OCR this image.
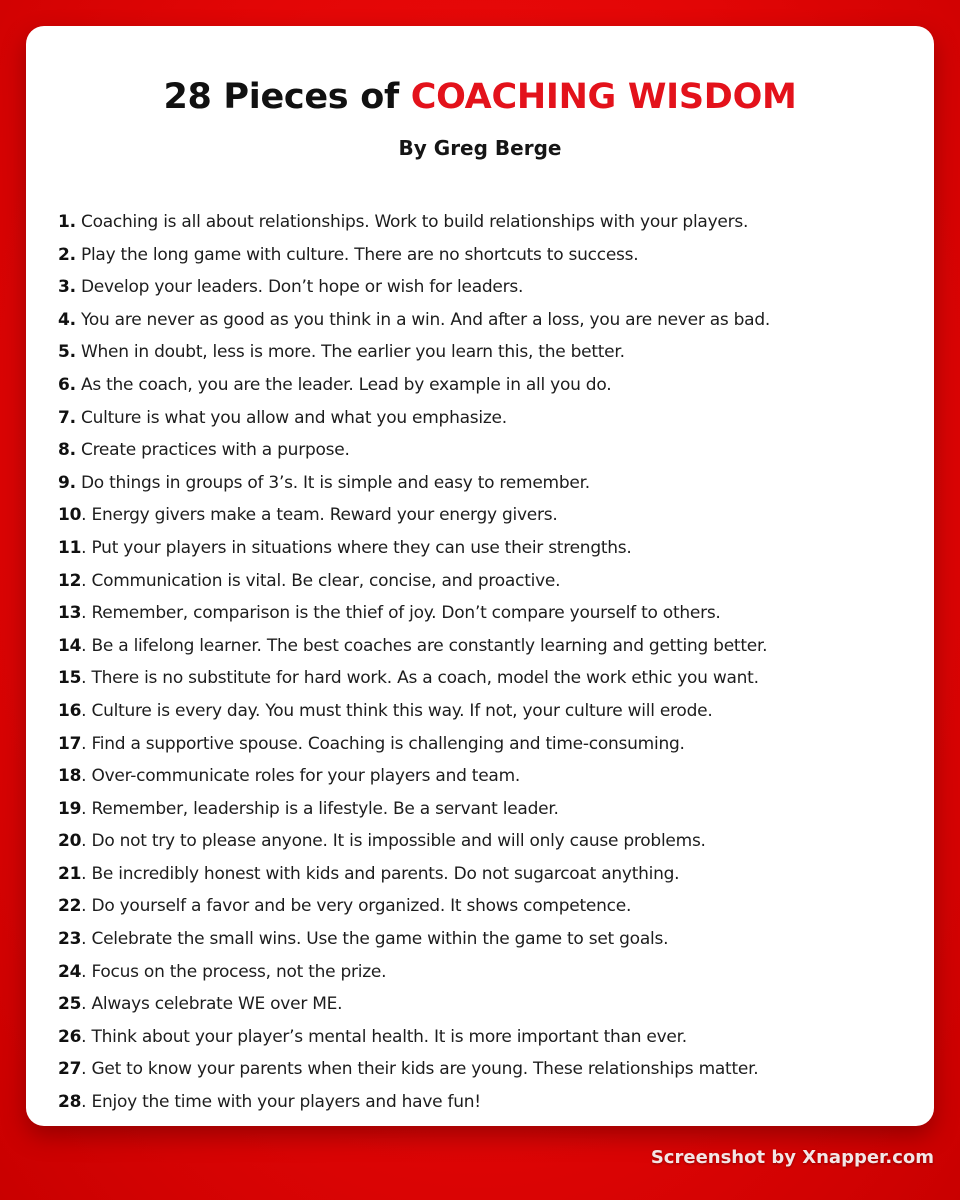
28 Pieces of COACHING WISDOM
By Greg Berge
1. Coaching is all about relationships. Work to build relationships with your players.
2. Play the long game with culture. There are no shortcuts to success.
3. Develop your leaders. Don’t hope or wish for leaders.
4. You are never as good as you think in a win. And after a loss, you are never as bad.
5. When in doubt, less is more. The earlier you learn this, the better.
6. As the coach, you are the leader. Lead by example in all you do.
7. Culture is what you allow and what you emphasize.
8. Create practices with a purpose.
9. Do things in groups of 3’s. It is simple and easy to remember.
10. Energy givers make a team. Reward your energy givers.
11. Put your players in situations where they can use their strengths.
12. Communication is vital. Be clear, concise, and proactive.
13. Remember, comparison is the thief of joy. Don’t compare yourself to others.
14. Be a lifelong learner. The best coaches are constantly learning and getting better.
15. There is no substitute for hard work. As a coach, model the work ethic you want.
16. Culture is every day. You must think this way. If not, your culture will erode.
17. Find a supportive spouse. Coaching is challenging and time-consuming.
18. Over-communicate roles for your players and team.
19. Remember, leadership is a lifestyle. Be a servant leader.
20. Do not try to please anyone. It is impossible and will only cause problems.
21. Be incredibly honest with kids and parents. Do not sugarcoat anything.
22. Do yourself a favor and be very organized. It shows competence.
23. Celebrate the small wins. Use the game within the game to set goals.
24. Focus on the process, not the prize.
25. Always celebrate WE over ME.
26. Think about your player’s mental health. It is more important than ever.
27. Get to know your parents when their kids are young. These relationships matter.
28. Enjoy the time with your players and have fun!
Screenshot by Xnapper.com
